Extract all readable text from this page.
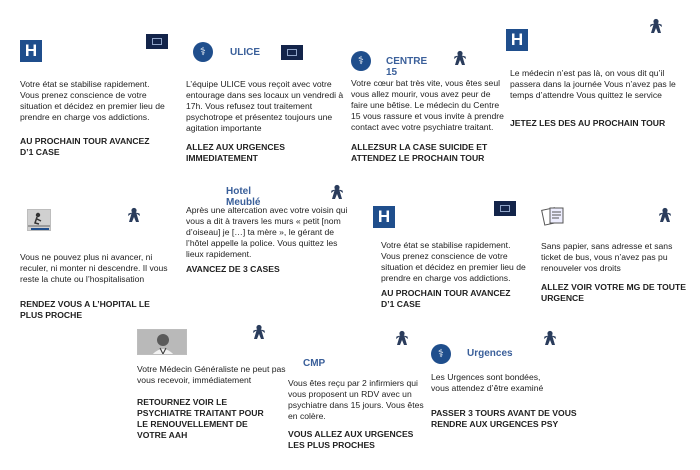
H

Votre état se stabilise rapidement. Vous prenez conscience de votre situation et décidez en premier lieu de prendre en charge vos addictions.

AU PROCHAIN TOUR AVANCEZ D’1 CASE

⚕	ULICE

L’équipe ULICE vous reçoit avec votre entourage dans ses locaux un vendredi à 17h. Vous refusez tout traitement psychotrope et présentez toujours une agitation importante

ALLEZ AUX URGENCES IMMEDIATEMENT

⚕	CENTRE 15

Votre cœur bat très vite, vous êtes seul vous allez mourir, vous avez peur de faire une bêtise. Le médecin du Centre 15 vous rassure et vous invite à prendre contact avec votre psychiatre traitant.

ALLEZSUR LA CASE SUICIDE ET ATTENDEZ LE PROCHAIN TOUR

H

Le médecin n’est pas là, on vous dit qu’il passera dans la journée Vous n’avez pas le temps d’attendre Vous quittez le service

JETEZ LES DES AU PROCHAIN TOUR

Vous ne pouvez plus ni avancer, ni reculer, ni monter ni descendre. Il vous reste la chute ou l’hospitalisation

RENDEZ VOUS A L’HOPITAL LE PLUS PROCHE

Hotel Meublé

Après une altercation avec votre voisin qui vous a dit à travers les murs « petit [nom d’oiseau] je […] ta mère », le gérant de l’hôtel appelle la police. Vous quittez les lieux rapidement.

AVANCEZ DE 3 CASES

H

Votre état se stabilise rapidement. Vous prenez conscience de votre situation et décidez en premier lieu de prendre en charge vos addictions.

AU PROCHAIN TOUR AVANCEZ D’1 CASE

Sans papier, sans adresse et sans ticket de bus, vous n’avez pas pu renouveler vos droits

ALLEZ VOIR VOTRE MG DE TOUTE URGENCE

Votre Médecin Généraliste ne peut pas vous recevoir, immédiatement

RETOURNEZ VOIR LE PSYCHIATRE TRAITANT POUR LE RENOUVELLEMENT DE VOTRE AAH

CMP

Vous êtes reçu par 2 infirmiers qui vous proposent un RDV avec un psychiatre dans 15 jours. Vous êtes en colère.

VOUS ALLEZ AUX URGENCES LES PLUS PROCHES

⚕	Urgences

Les Urgences sont bondées, vous attendez d’être examiné

PASSER 3 TOURS AVANT DE VOUS RENDRE AUX URGENCES PSY
